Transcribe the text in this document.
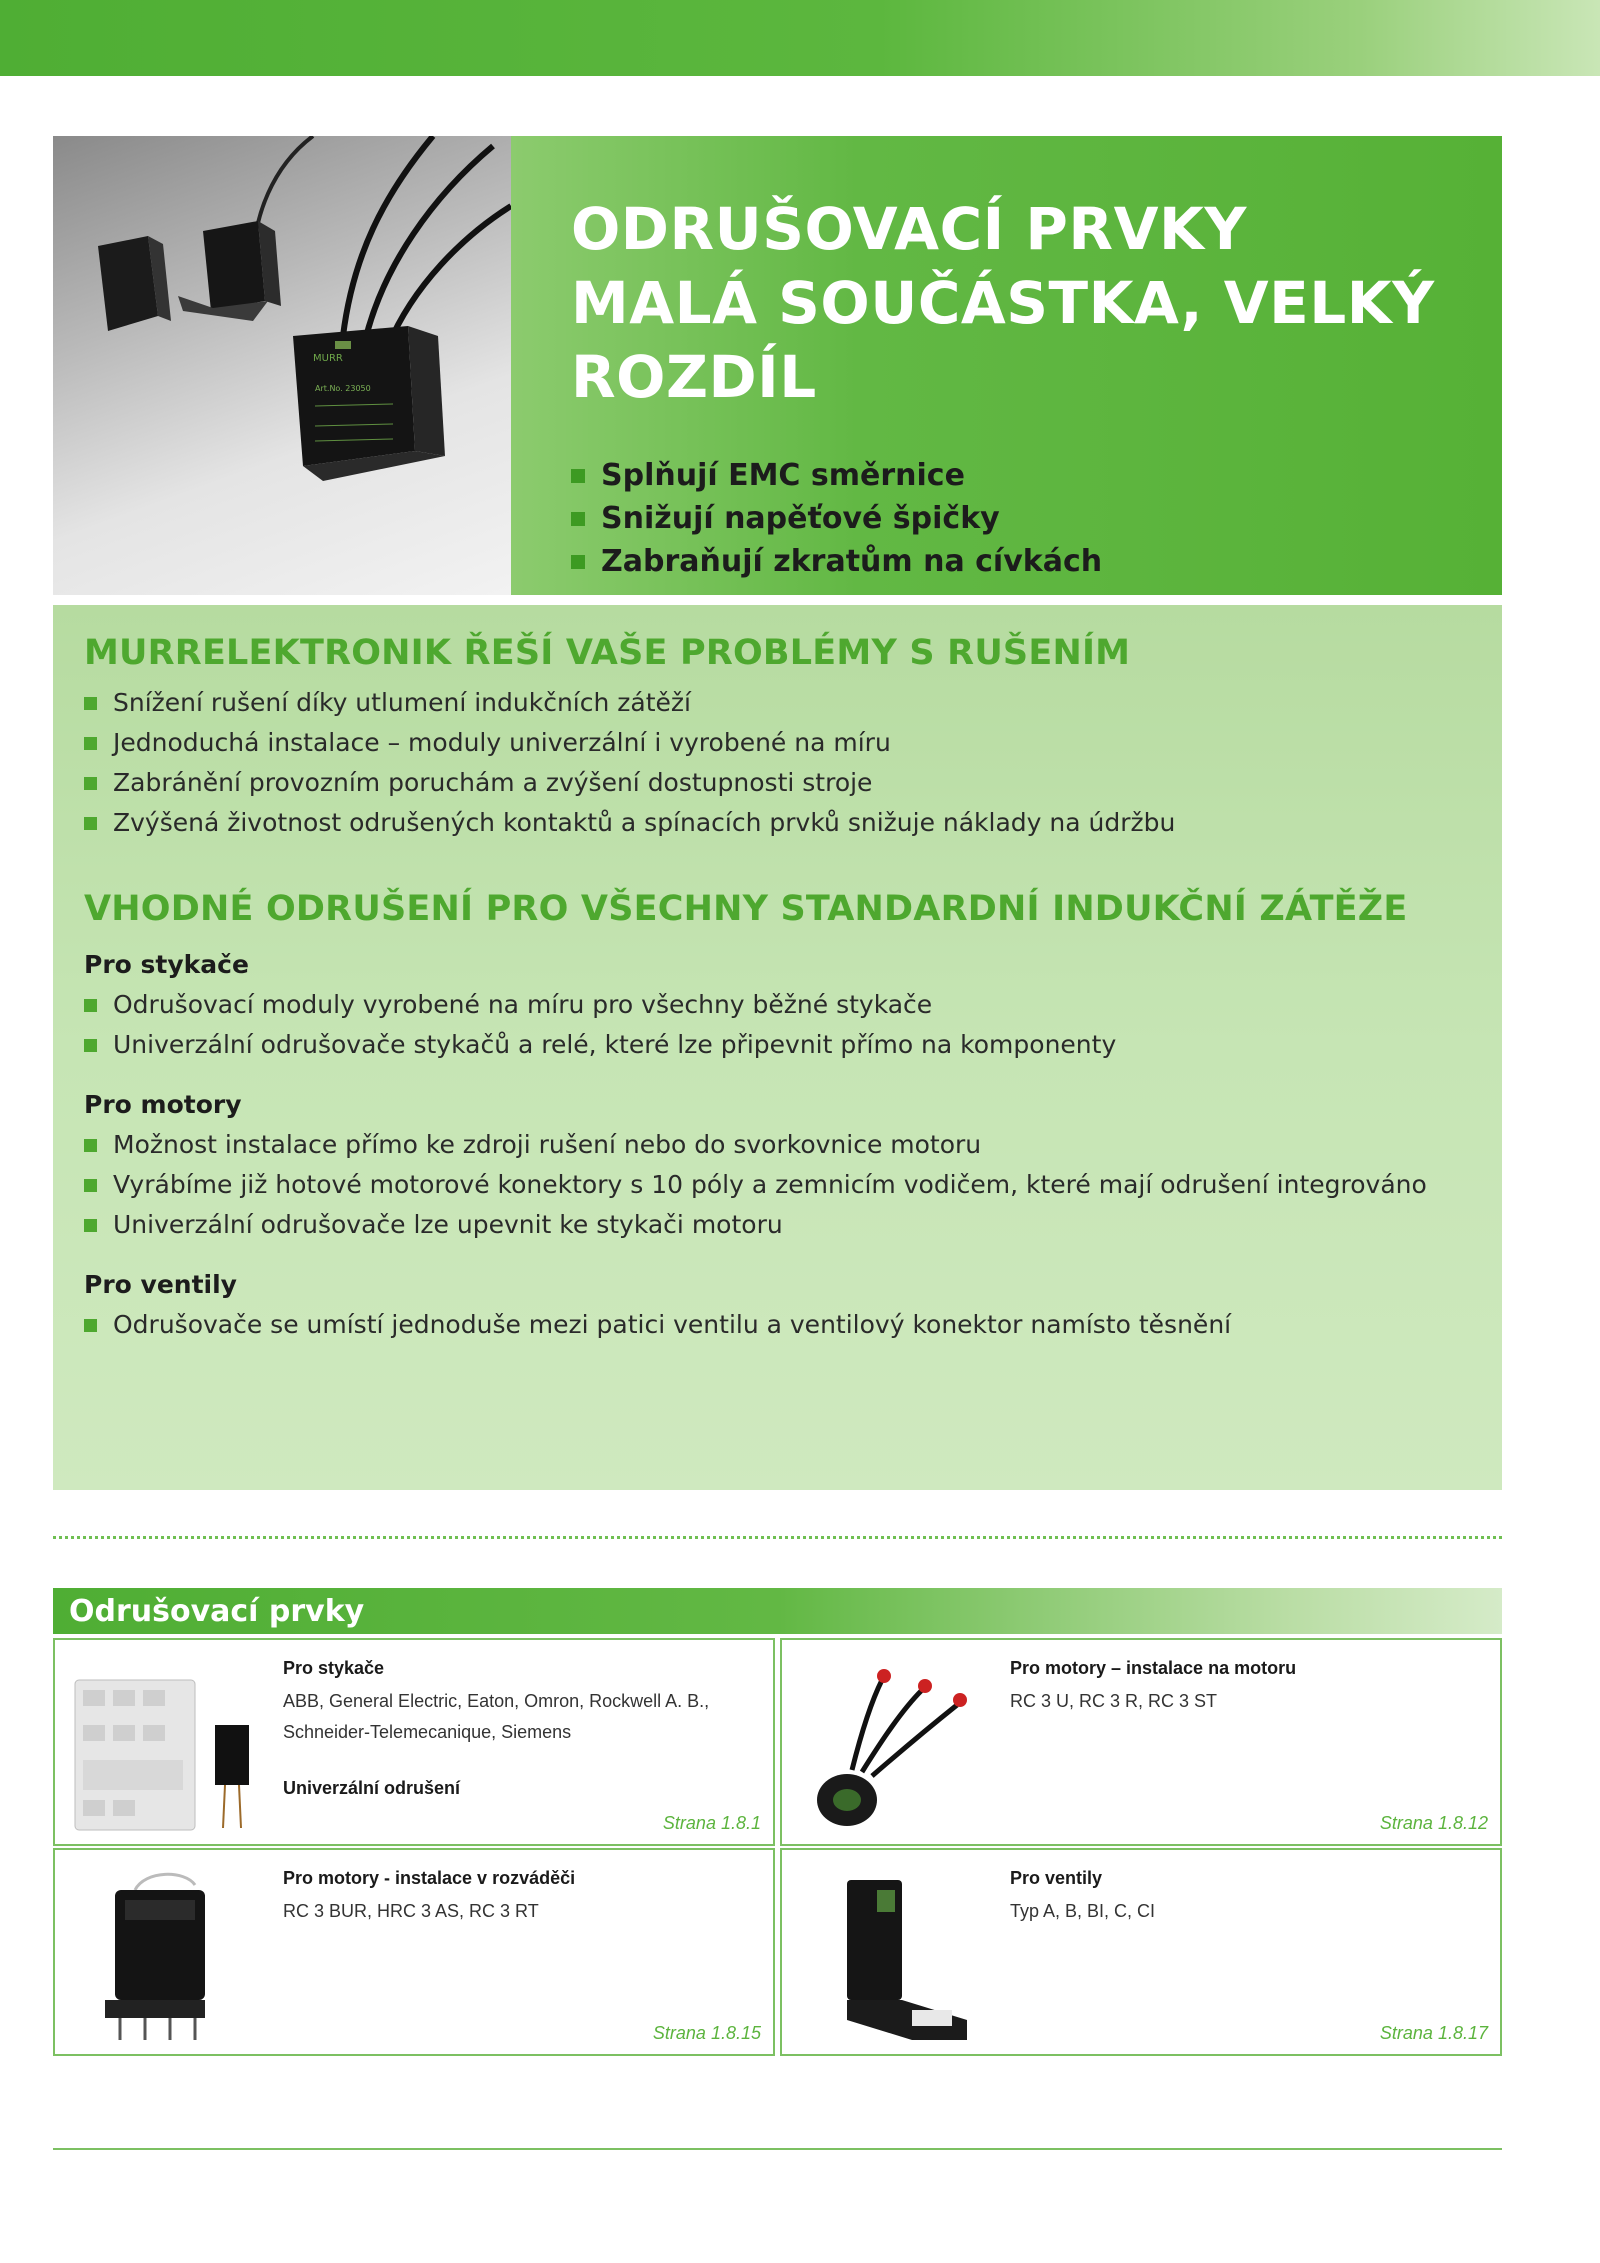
MURR
Art.No. 23050
ODRUŠOVACÍ PRVKY
MALÁ SOUČÁSTKA, VELKÝ ROZDÍL
Splňují EMC směrnice
Snižují napěťové špičky
Zabraňují zkratům na cívkách
MURRELEKTRONIK ŘEŠÍ VAŠE PROBLÉMY S RUŠENÍM
Snížení rušení díky utlumení indukčních zátěží
Jednoduchá instalace – moduly univerzální i vyrobené na míru
Zabránění provozním poruchám a zvýšení dostupnosti stroje
Zvýšená životnost odrušených kontaktů a spínacích prvků snižuje náklady na údržbu
VHODNÉ ODRUŠENÍ PRO VŠECHNY STANDARDNÍ INDUKČNÍ ZÁTĚŽE
Pro stykače
Odrušovací moduly vyrobené na míru pro všechny běžné stykače
Univerzální odrušovače stykačů a relé, které lze připevnit přímo na komponenty
Pro motory
Možnost instalace přímo ke zdroji rušení nebo do svorkovnice motoru
Vyrábíme již hotové motorové konektory s 10 póly a zemnicím vodičem, které mají odrušení integrováno
Univerzální odrušovače lze upevnit ke stykači motoru
Pro ventily
Odrušovače se umístí jednoduše mezi patici ventilu a ventilový konektor namísto těsnění
Odrušovací prvky
Pro stykače
ABB, General Electric, Eaton, Omron, Rockwell A. B., Schneider-Telemecanique, Siemens
Univerzální odrušení
Strana 1.8.1
Pro motory – instalace na motoru
RC 3 U, RC 3 R, RC 3 ST
Strana 1.8.12
Pro motory - instalace v rozváděči
RC 3 BUR, HRC 3 AS, RC 3 RT
Strana 1.8.15
Pro ventily
Typ A, B, BI, C, CI
Strana 1.8.17
